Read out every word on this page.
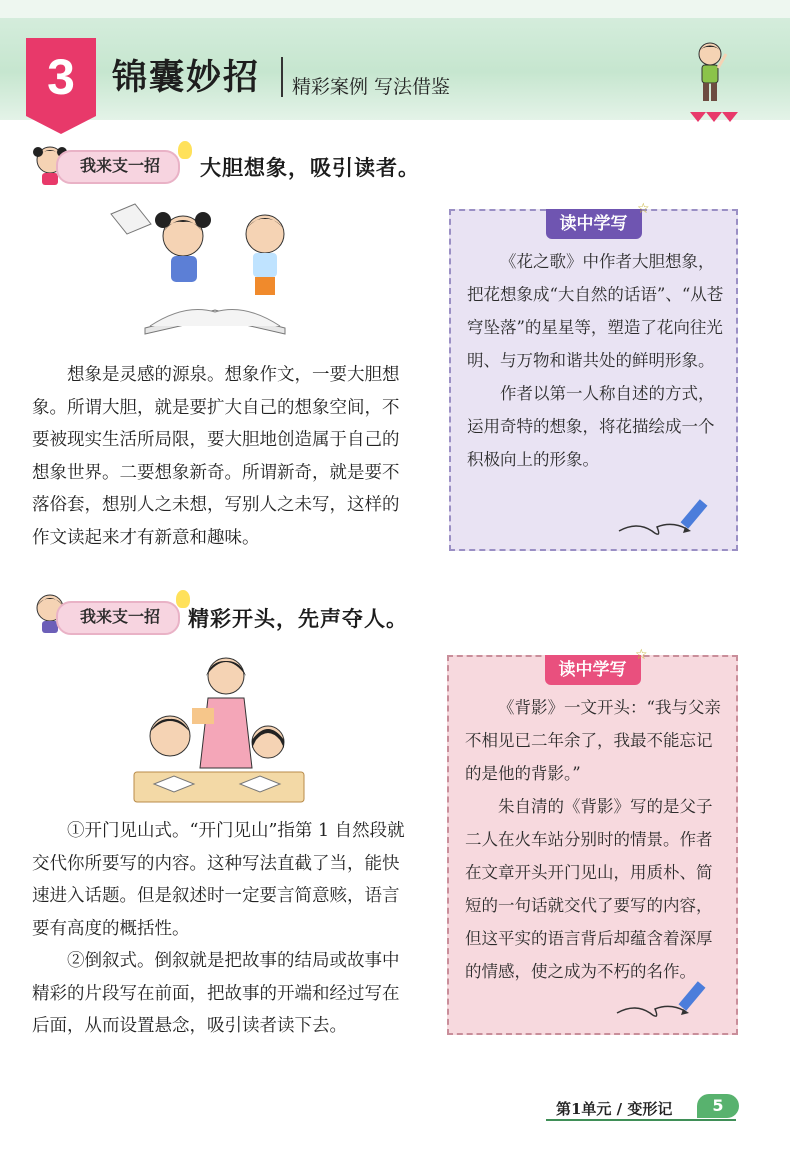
3	锦囊妙招 精彩案例 写法借鉴
我来支一招	大胆想象，吸引读者。

想象是灵感的源泉。想象作文，一要大胆想象。所谓大胆，就是要扩大自己的想象空间，不要被现实生活所局限，要大胆地创造属于自己的想象世界。二要想象新奇。所谓新奇，就是要不落俗套，想别人之未想，写别人之未写，这样的作文读起来才有新意和趣味。

读中学写
☆

《花之歌》中作者大胆想象，把花想象成“大自然的话语”、“从苍穹坠落”的星星等，塑造了花向往光明、与万物和谐共处的鲜明形象。

作者以第一人称自述的方式，运用奇特的想象，将花描绘成一个积极向上的形象。

我来支一招	精彩开头，先声夺人。

①开门见山式。“开门见山”指第 1 自然段就交代你所要写的内容。这种写法直截了当，能快速进入话题。但是叙述时一定要言简意赅，语言要有高度的概括性。

②倒叙式。倒叙就是把故事的结局或故事中精彩的片段写在前面，把故事的开端和经过写在后面，从而设置悬念，吸引读者读下去。

读中学写
☆

《背影》一文开头：“我与父亲不相见已二年余了，我最不能忘记的是他的背影。”

朱自清的《背影》写的是父子二人在火车站分别时的情景。作者在文章开头开门见山，用质朴、简短的一句话就交代了要写的内容，但这平实的语言背后却蕴含着深厚的情感，使之成为不朽的名作。

第1单元 / 变形记	5
